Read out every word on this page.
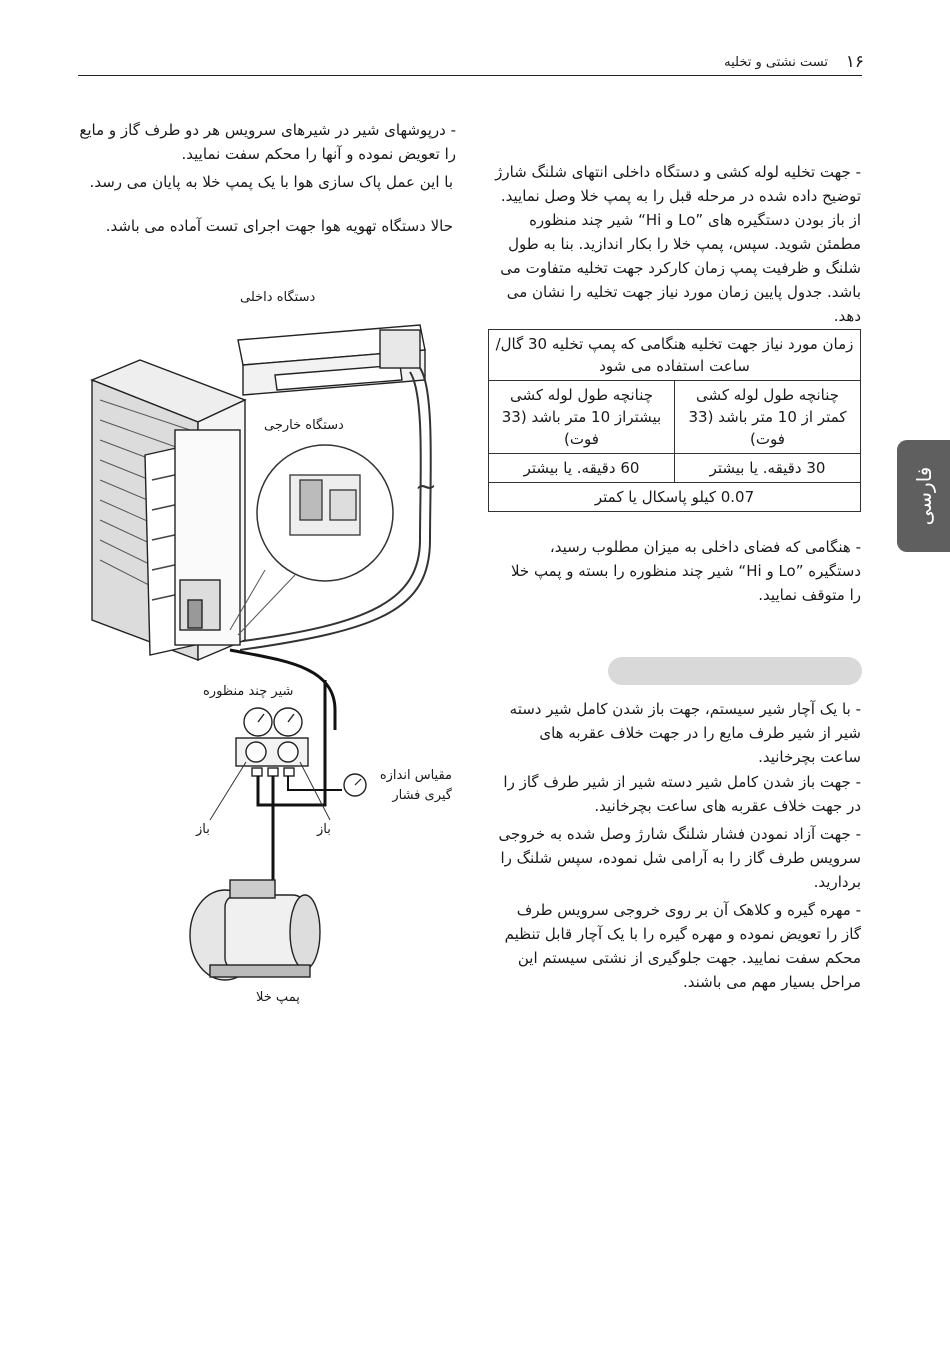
۱۶
تست نشتی و تخلیه
فارسی
- درپوشهای شیر در شیرهای سرویس هر دو طرف گاز و مایع را تعویض نموده و آنها را محکم سفت نمایید.
با این عمل پاک سازی هوا با یک پمپ خلا به پایان می رسد.
حالا دستگاه تهویه هوا جهت اجرای تست آماده می باشد.
~
دستگاه داخلی
دستگاه خارجی
شیر چند منظوره
مقیاس اندازه گیری فشار
باز	باز
پمپ خلا
- جهت تخلیه لوله کشی و دستگاه داخلی انتهای شلنگ شارژ توضیح داده شده در مرحله قبل را به پمپ خلا وصل نمایید. از باز بودن دستگیره های ”Lo و Hi“ شیر چند منظوره مطمئن شوید. سپس، پمپ خلا را بکار اندازید. بنا به طول شلنگ و ظرفیت پمپ زمان کارکرد جهت تخلیه متفاوت می باشد. جدول پایین زمان مورد نیاز جهت تخلیه را نشان می دهد.
زمان مورد نیاز جهت تخلیه هنگامی که پمپ تخلیه 30 گال/ساعت استفاده می شود	
چنانچه طول لوله کشی کمتر از 10 متر باشد (33 فوت)	چنانچه طول لوله کشی بیشتراز 10 متر باشد (33 فوت)
30 دقیقه. یا بیشتر	60 دقیقه. یا بیشتر
0.07 کیلو پاسکال یا کمتر	
- هنگامی که فضای داخلی به میزان مطلوب رسید، دستگیره ”Lo و Hi“ شیر چند منظوره را بسته و پمپ خلا را متوقف نمایید.
- با یک آچار شیر سیستم، جهت باز شدن کامل شیر دسته شیر از شیر طرف مایع را در جهت خلاف عقربه های ساعت بچرخانید.
- جهت باز شدن کامل شیر دسته شیر از شیر طرف گاز را در جهت خلاف عقربه های ساعت بچرخانید.
- جهت آزاد نمودن فشار شلنگ شارژ وصل شده به خروجی سرویس طرف گاز را به آرامی شل نموده، سپس شلنگ را بردارید.
- مهره گیره و کلاهک آن بر روی خروجی سرویس طرف گاز را تعویض نموده و مهره گیره را با یک آچار قابل تنظیم محکم سفت نمایید. جهت جلوگیری از نشتی سیستم این مراحل بسیار مهم می باشند.
